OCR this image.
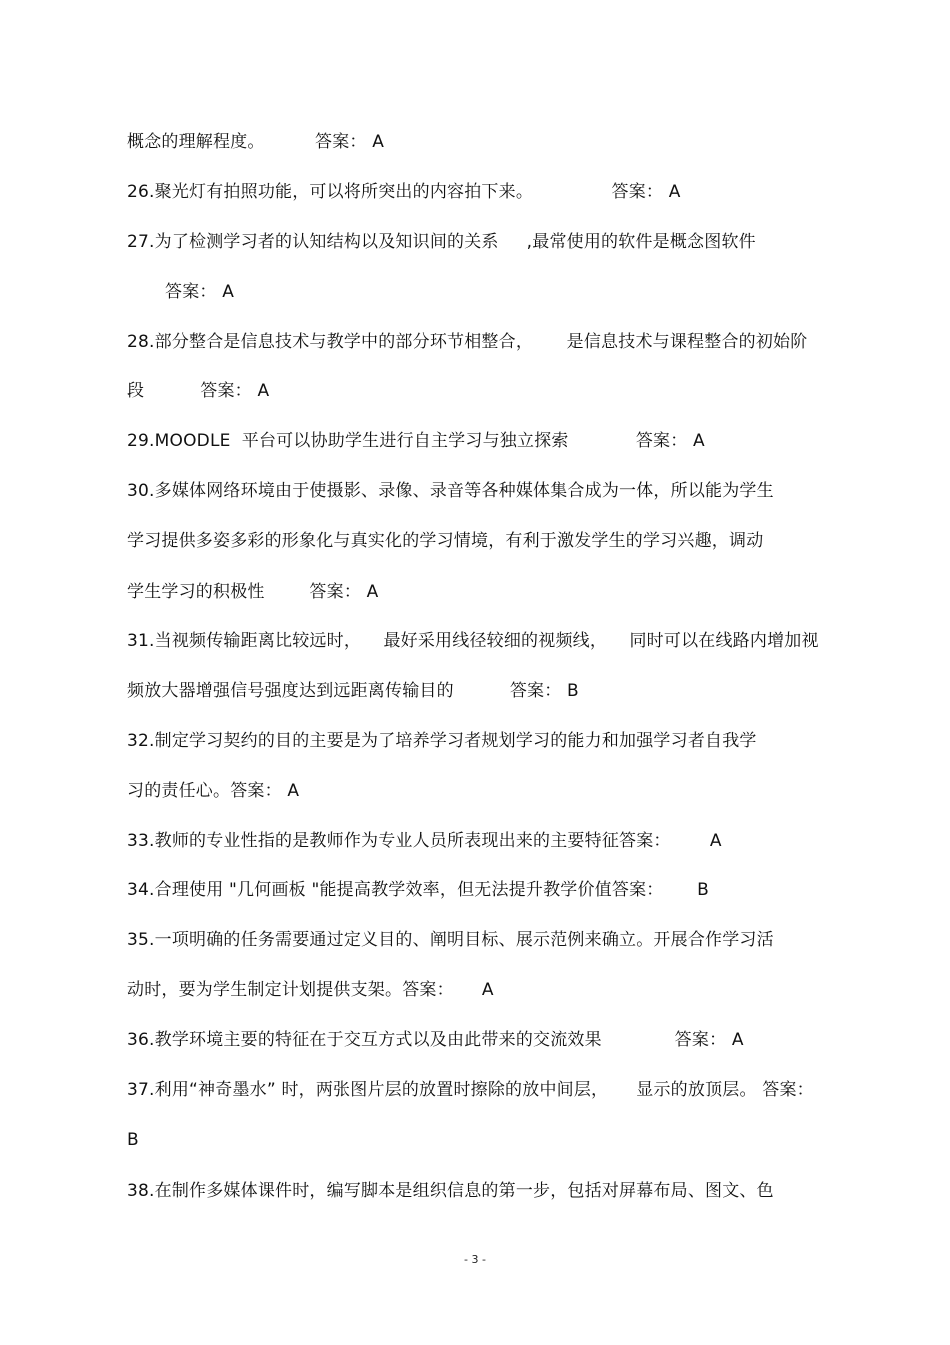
概念的理解程度。         答案： A
26.聚光灯有拍照功能，可以将所突出的内容拍下来。              答案： A
27.为了检测学习者的认知结构以及知识间的关系     ,最常使用的软件是概念图软件
答案： A
28.部分整合是信息技术与教学中的部分环节相整合，      是信息技术与课程整合的初始阶
段          答案： A
29.MOODLE  平台可以协助学生进行自主学习与独立探索            答案： A
30.多媒体网络环境由于使摄影、录像、录音等各种媒体集合成为一体，所以能为学生
学习提供多姿多彩的形象化与真实化的学习情境，有利于激发学生的学习兴趣，调动
学生学习的积极性        答案： A
31.当视频传输距离比较远时，    最好采用线径较细的视频线，    同时可以在线路内增加视
频放大器增强信号强度达到远距离传输目的          答案： B
32.制定学习契约的目的主要是为了培养学习者规划学习的能力和加强学习者自我学
习的责任心。答案： A
33.教师的专业性指的是教师作为专业人员所表现出来的主要特征答案：       A
34.合理使用 "几何画板 "能提高教学效率，但无法提升教学价值答案：      B
35.一项明确的任务需要通过定义目的、阐明目标、展示范例来确立。开展合作学习活
动时，要为学生制定计划提供支架。答案：     A
36.教学环境主要的特征在于交互方式以及由此带来的交流效果             答案： A
37.利用“神奇墨水” 时，两张图片层的放置时擦除的放中间层，     显示的放顶层。 答案：
B
38.在制作多媒体课件时，编写脚本是组织信息的第一步，包括对屏幕布局、图文、色
- 3 -
